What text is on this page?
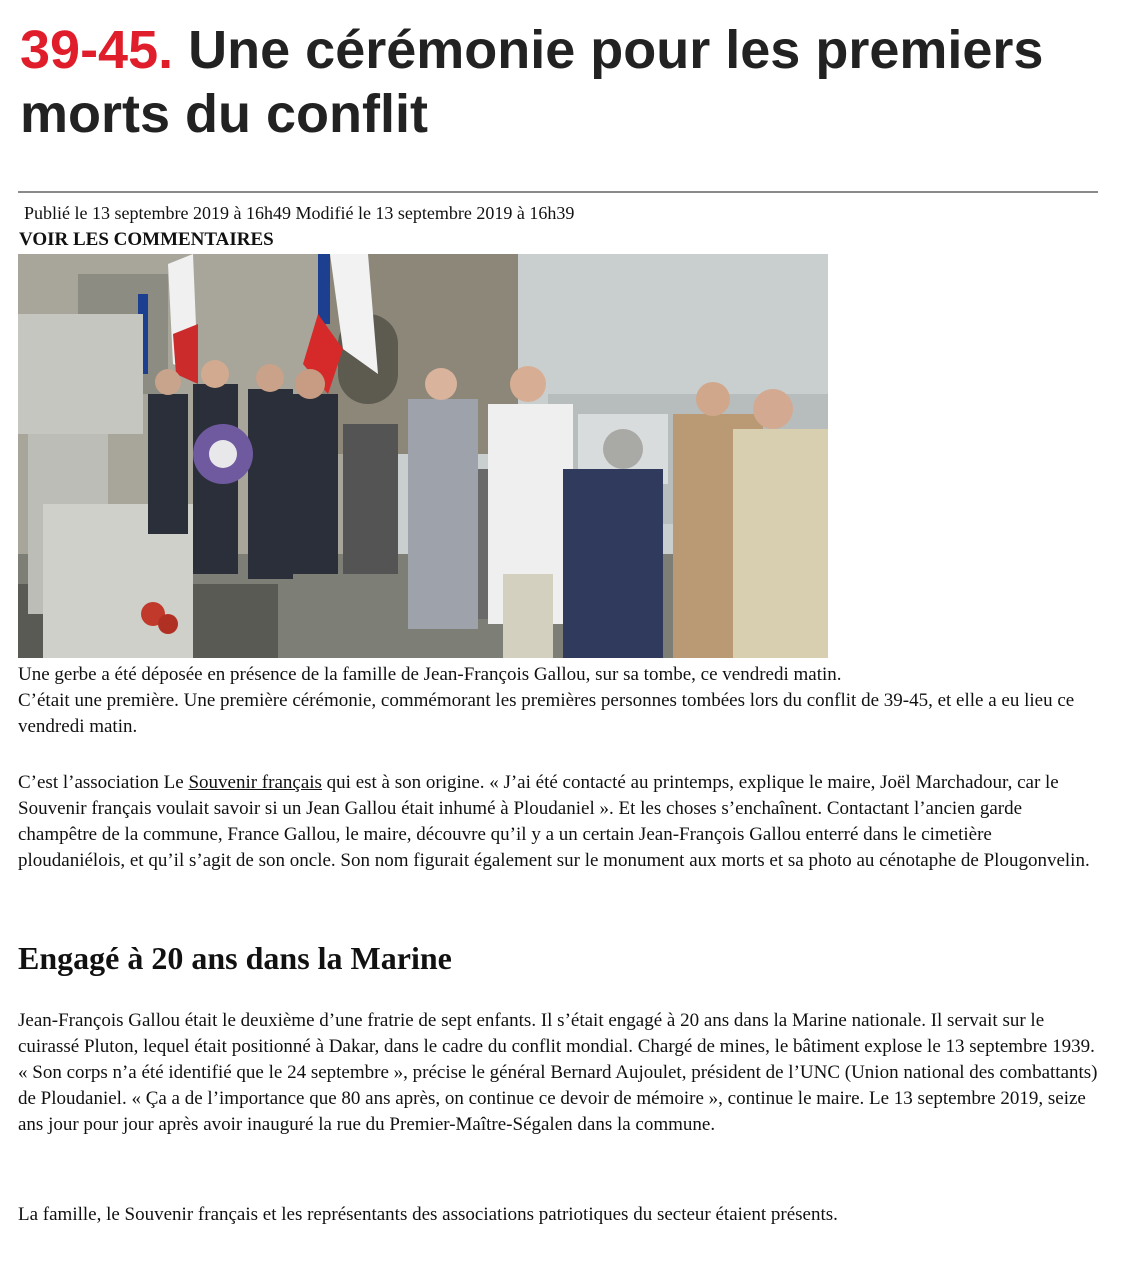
39-45. Une cérémonie pour les premiers morts du conflit
Publié le 13 septembre 2019 à 16h49 Modifié le 13 septembre 2019 à 16h39
VOIR LES COMMENTAIRES

Une gerbe a été déposée en présence de la famille de Jean-François Gallou, sur sa tombe, ce vendredi matin.
C’était une première. Une première cérémonie, commémorant les premières personnes tombées lors du conflit de 39-45, et elle a eu lieu ce vendredi matin.

C’est l’association Le Souvenir français qui est à son origine. « J’ai été contacté au printemps, explique le maire, Joël Marchadour, car le Souvenir français voulait savoir si un Jean Gallou était inhumé à Ploudaniel ». Et les choses s’enchaînent. Contactant l’ancien garde champêtre de la commune, France Gallou, le maire, découvre qu’il y a un certain Jean-François Gallou enterré dans le cimetière ploudaniélois, et qu’il s’agit de son oncle. Son nom figurait également sur le monument aux morts et sa photo au cénotaphe de Plougonvelin.

Engagé à 20 ans dans la Marine

Jean-François Gallou était le deuxième d’une fratrie de sept enfants. Il s’était engagé à 20 ans dans la Marine nationale. Il servait sur le cuirassé Pluton, lequel était positionné à Dakar, dans le cadre du conflit mondial. Chargé de mines, le bâtiment explose le 13 septembre 1939. « Son corps n’a été identifié que le 24 septembre », précise le général Bernard Aujoulet, président de l’UNC (Union national des combattants) de Ploudaniel. « Ça a de l’importance que 80 ans après, on continue ce devoir de mémoire », continue le maire. Le 13 septembre 2019, seize ans jour pour jour après avoir inauguré la rue du Premier-Maître-Ségalen dans la commune.

La famille, le Souvenir français et les représentants des associations patriotiques du secteur étaient présents.
